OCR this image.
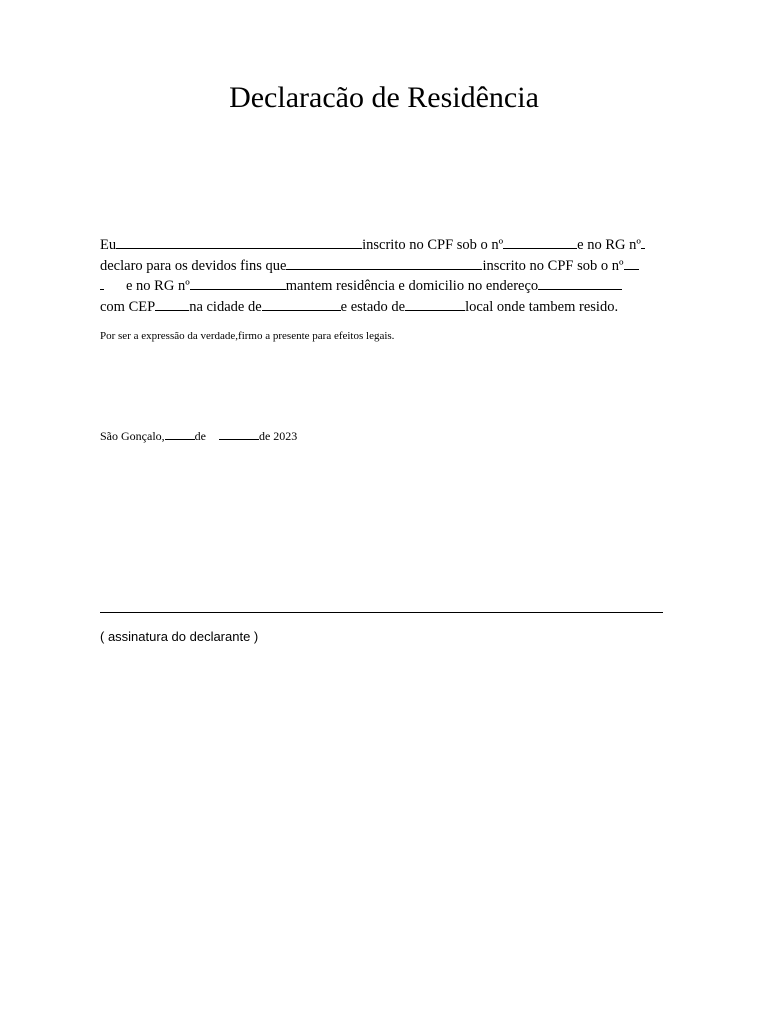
Declaracão de Residência
Eu	inscrito no CPF sob o nº	e no RG nº
declaro para os devidos fins que	inscrito no CPF sob o nº
e no RG nº	mantem residência e domicilio no endereço
com CEP na cidade de	e estado de	local onde tambem resido.
Por ser a expressão da verdade,firmo a presente para efeitos legais.
São Gonçalo,	de	de 2023
( assinatura do declarante )
